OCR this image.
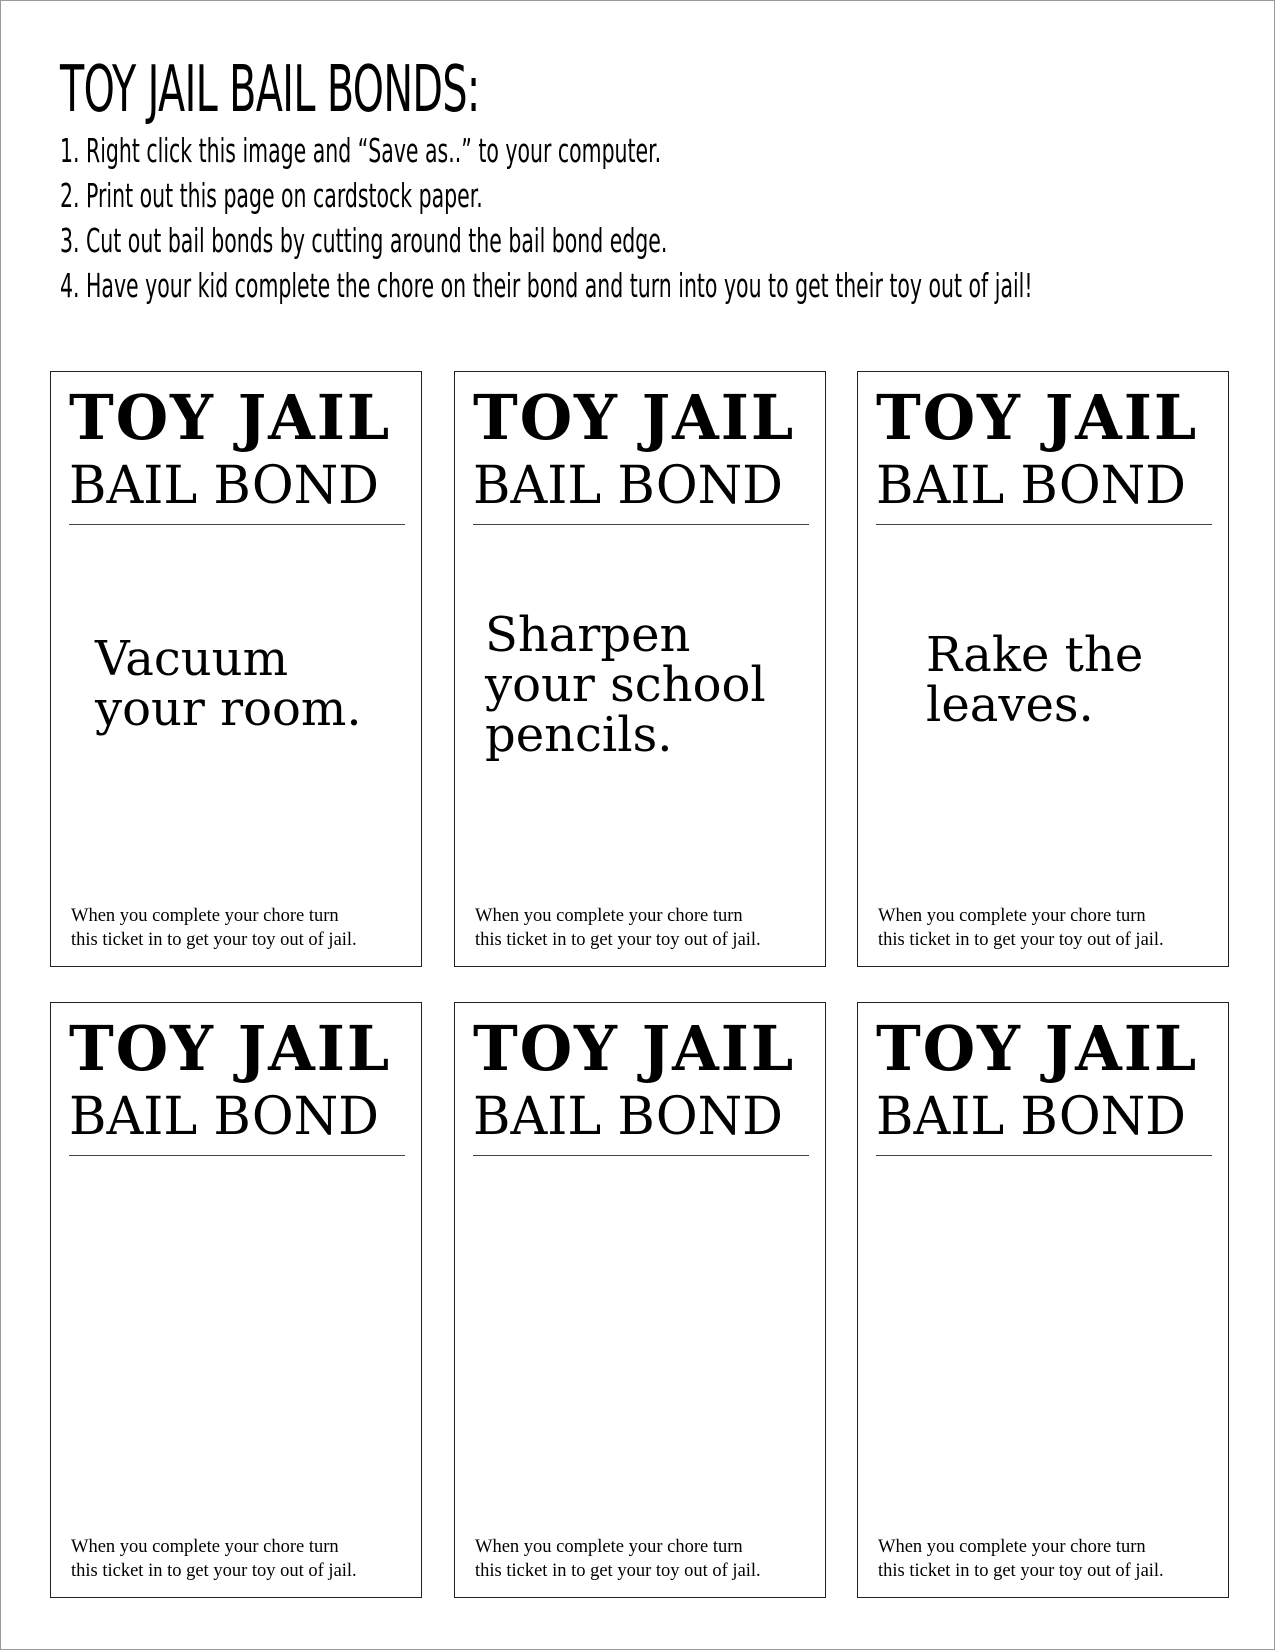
TOY JAIL BAIL BONDS:

1. Right click this image and “Save as..” to your computer.

2. Print out this page on cardstock paper.

3. Cut out bail bonds by cutting around the bail bond edge.

4. Have your kid complete the chore on their bond and turn into you to get their toy out of jail!

TOY JAIL
BAIL BOND
Vacuum
your room.
When you complete your chore turn
this ticket in to get your toy out of jail.
TOY JAIL
BAIL BOND
Sharpen
your school
pencils.
When you complete your chore turn
this ticket in to get your toy out of jail.
TOY JAIL
BAIL BOND
Rake the
leaves.
When you complete your chore turn
this ticket in to get your toy out of jail.
TOY JAIL
BAIL BOND
When you complete your chore turn
this ticket in to get your toy out of jail.
TOY JAIL
BAIL BOND
When you complete your chore turn
this ticket in to get your toy out of jail.
TOY JAIL
BAIL BOND
When you complete your chore turn
this ticket in to get your toy out of jail.
